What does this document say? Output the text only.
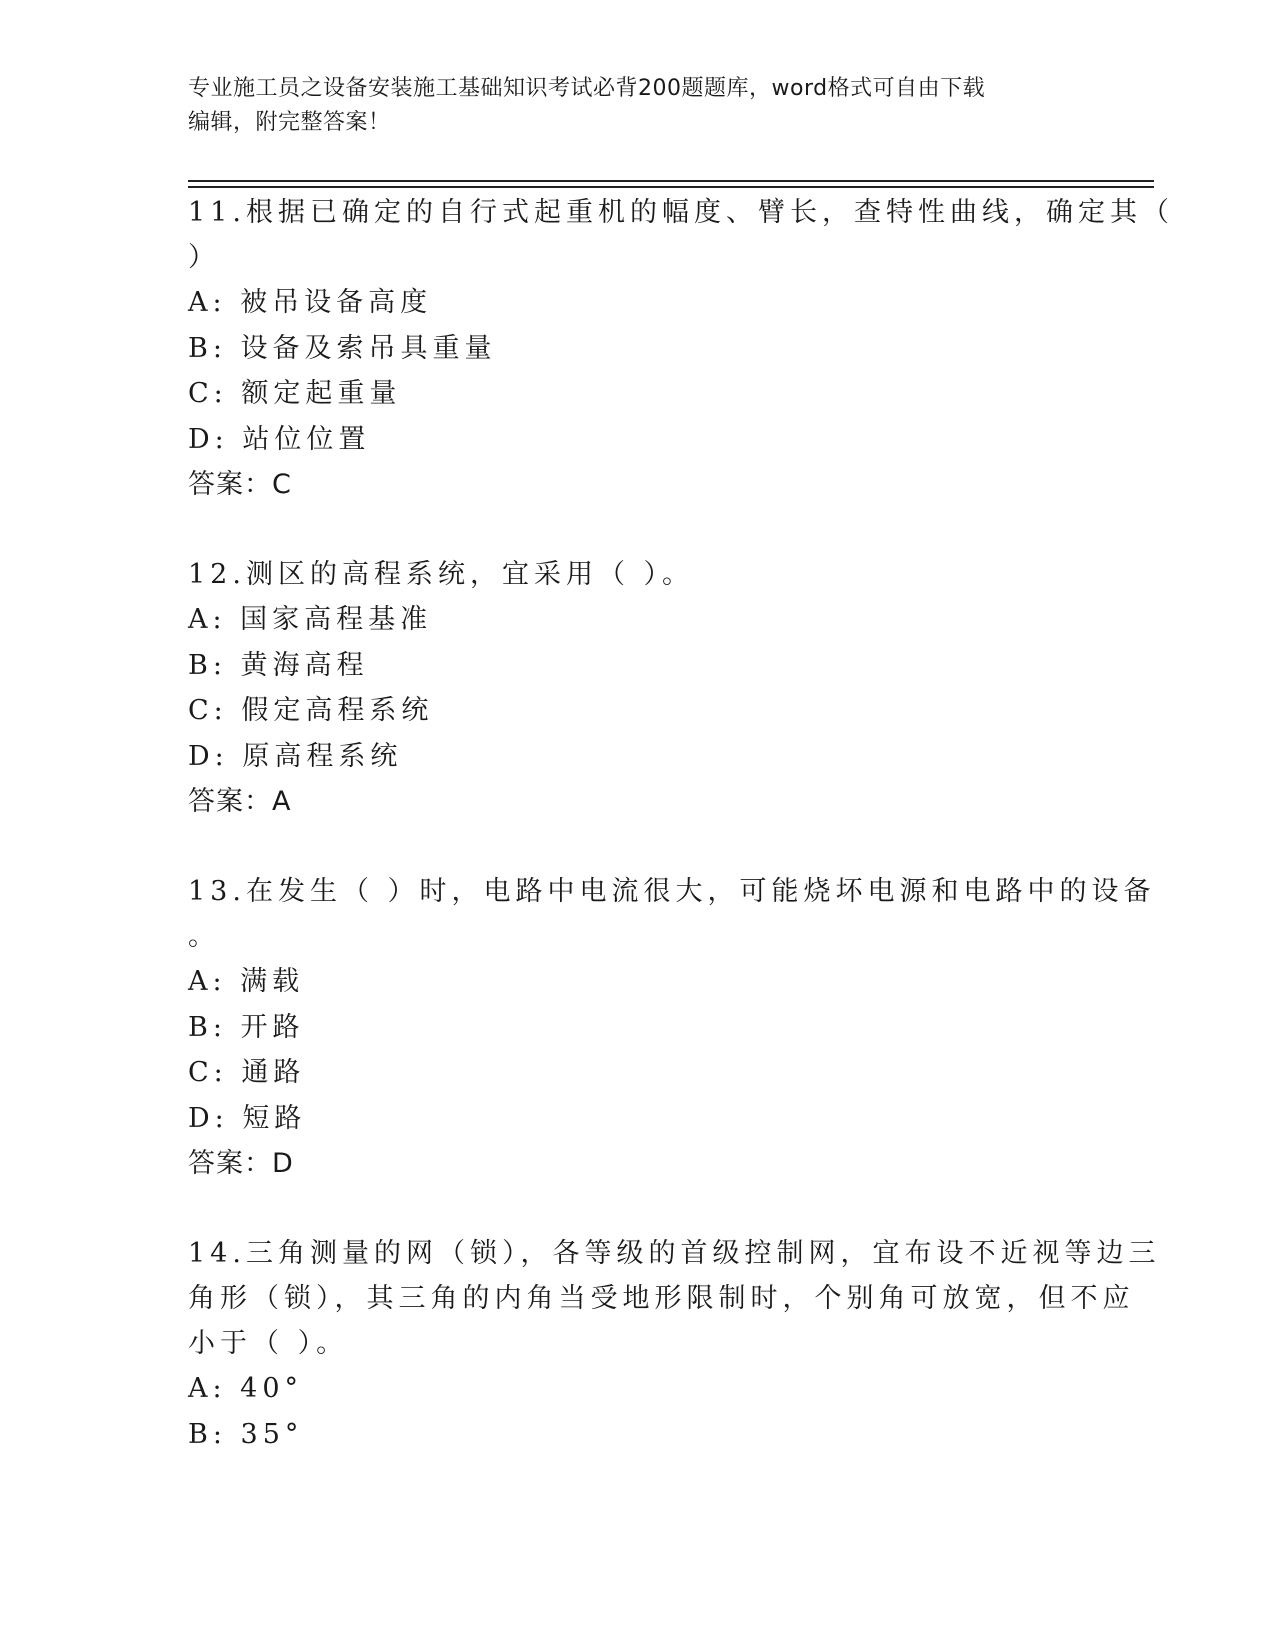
专业施工员之设备安装施工基础知识考试必背200题题库，word格式可自由下载
编辑，附完整答案！
11.根据已确定的自行式起重机的幅度、臂长，查特性曲线，确定其（
）
A: 被吊设备高度
B: 设备及索吊具重量
C: 额定起重量
D: 站位位置
答案：C
12.测区的高程系统，宜采用（ ）。
A: 国家高程基准
B: 黄海高程
C: 假定高程系统
D: 原高程系统
答案：A
13.在发生（ ）时，电路中电流很大，可能烧坏电源和电路中的设备
。
A: 满载
B: 开路
C: 通路
D: 短路
答案：D
14.三角测量的网（锁），各等级的首级控制网，宜布设不近视等边三
角形（锁），其三角的内角当受地形限制时，个别角可放宽，但不应
小于（ ）。
A: 40°
B: 35°
